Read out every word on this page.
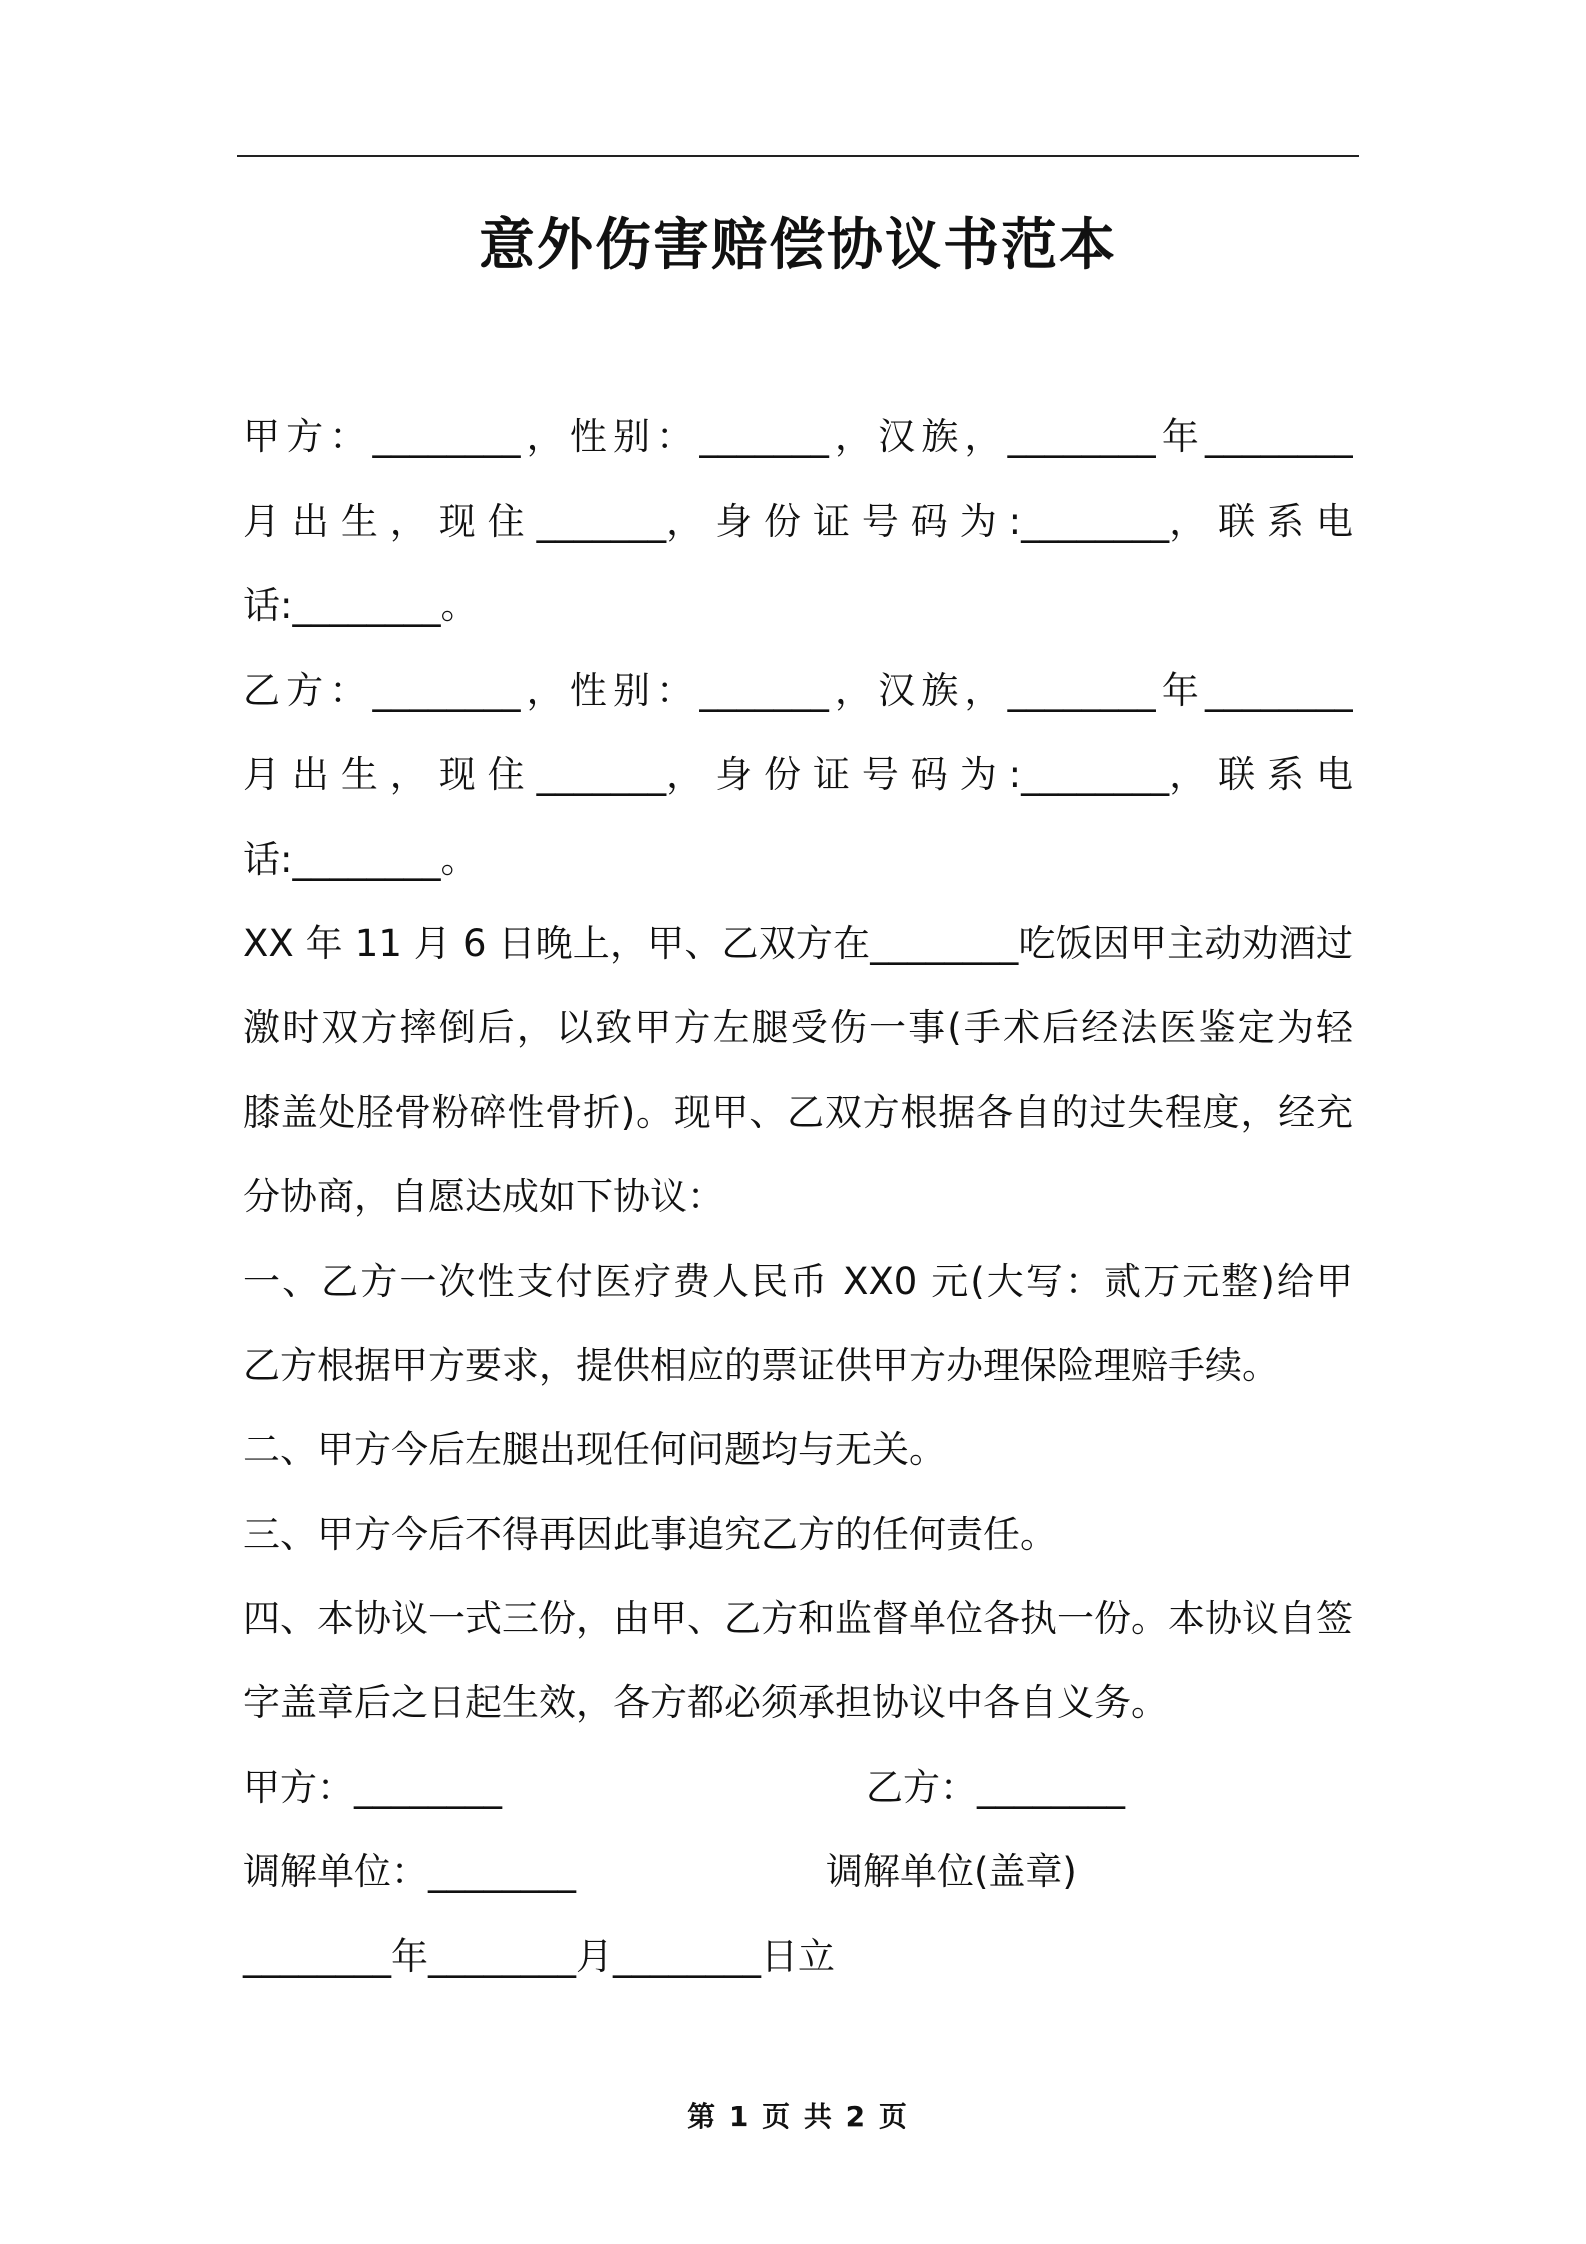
意外伤害赔偿协议书范本

甲方：________，性别：_______，汉族，________年________

月 出 生 ， 现 住 _______， 身 份 证 号 码 为 :________， 联 系 电

话:________。

乙方：________，性别：_______，汉族，________年________

月 出 生 ， 现 住 _______， 身 份 证 号 码 为 :________， 联 系 电

话:________。

XX 年 11 月 6 日晚上，甲、乙双方在________吃饭因甲主动劝酒过

激时双方摔倒后，以致甲方左腿受伤一事(手术后经法医鉴定为轻

膝盖处胫骨粉碎性骨折)。现甲、乙双方根据各自的过失程度，经充

分协商，自愿达成如下协议：

一、乙方一次性支付医疗费人民币 XX0 元(大写：贰万元整)给甲

乙方根据甲方要求，提供相应的票证供甲方办理保险理赔手续。

二、甲方今后左腿出现任何问题均与无关。

三、甲方今后不得再因此事追究乙方的任何责任。

四、本协议一式三份，由甲、乙方和监督单位各执一份。本协议自签

字盖章后之日起生效，各方都必须承担协议中各自义务。

甲方：________	乙方：________

调解单位：________	调解单位(盖章)

________年________月________日立

第 1 页 共 2 页
